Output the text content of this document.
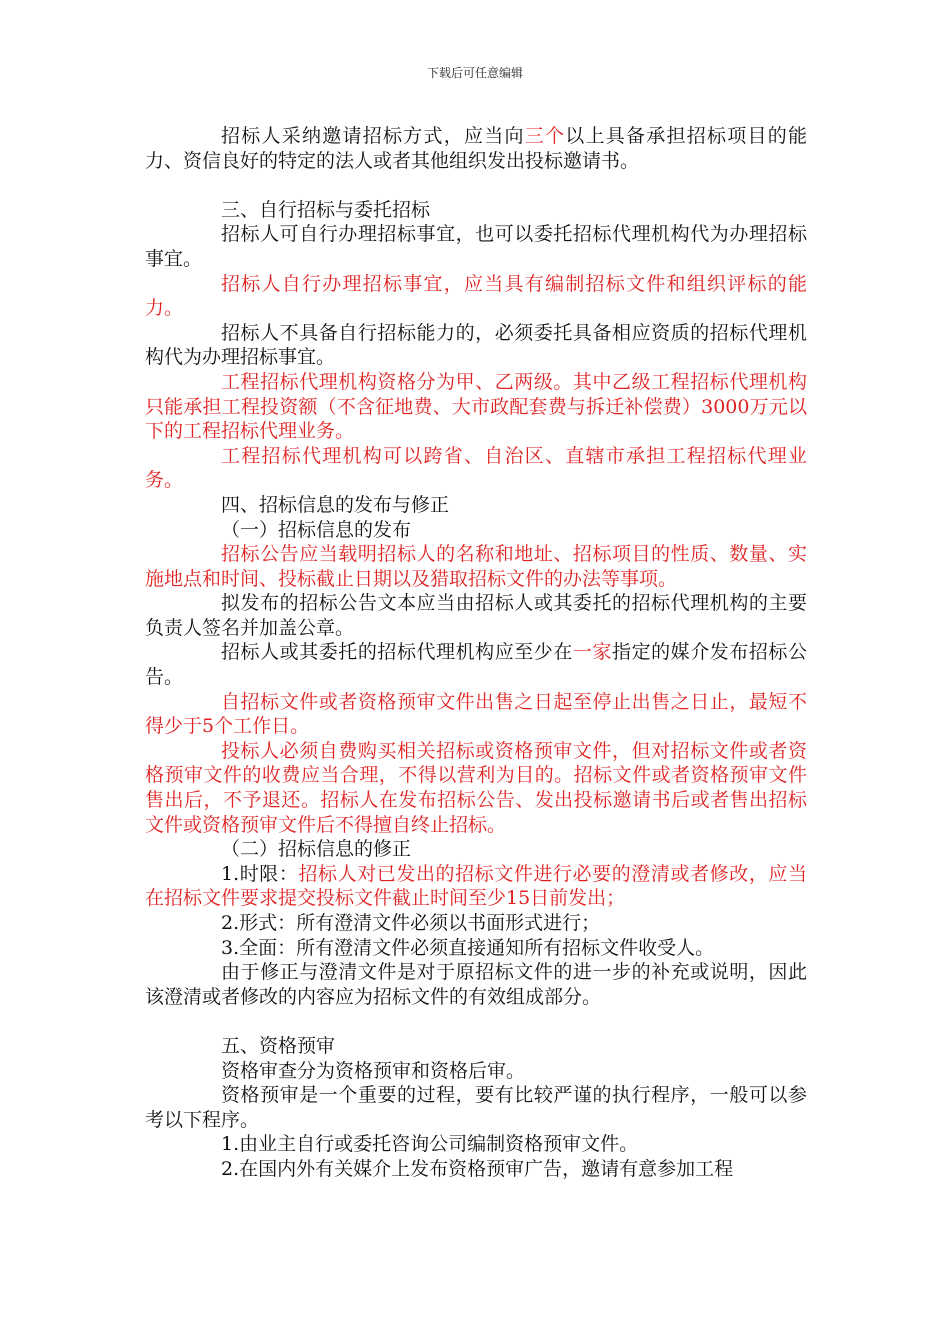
下载后可任意编辑

招标人采纳邀请招标方式，应当向三个以上具备承担招标项目的能力、资信良好的特定的法人或者其他组织发出投标邀请书。

三、自行招标与委托招标

招标人可自行办理招标事宜，也可以委托招标代理机构代为办理招标事宜。

招标人自行办理招标事宜，应当具有编制招标文件和组织评标的能力。

招标人不具备自行招标能力的，必须委托具备相应资质的招标代理机构代为办理招标事宜。

工程招标代理机构资格分为甲、乙两级。其中乙级工程招标代理机构只能承担工程投资额（不含征地费、大市政配套费与拆迁补偿费）3000万元以下的工程招标代理业务。

工程招标代理机构可以跨省、自治区、直辖市承担工程招标代理业务。

四、招标信息的发布与修正

（一）招标信息的发布

招标公告应当载明招标人的名称和地址、招标项目的性质、数量、实施地点和时间、投标截止日期以及猎取招标文件的办法等事项。

拟发布的招标公告文本应当由招标人或其委托的招标代理机构的主要负责人签名并加盖公章。

招标人或其委托的招标代理机构应至少在一家指定的媒介发布招标公告。

自招标文件或者资格预审文件出售之日起至停止出售之日止，最短不得少于5个工作日。

投标人必须自费购买相关招标或资格预审文件，但对招标文件或者资格预审文件的收费应当合理，不得以营利为目的。招标文件或者资格预审文件售出后，不予退还。招标人在发布招标公告、发出投标邀请书后或者售出招标文件或资格预审文件后不得擅自终止招标。

（二）招标信息的修正

1.时限：招标人对已发出的招标文件进行必要的澄清或者修改，应当在招标文件要求提交投标文件截止时间至少15日前发出；

2.形式：所有澄清文件必须以书面形式进行；

3.全面：所有澄清文件必须直接通知所有招标文件收受人。

由于修正与澄清文件是对于原招标文件的进一步的补充或说明，因此该澄清或者修改的内容应为招标文件的有效组成部分。

五、资格预审

资格审查分为资格预审和资格后审。

资格预审是一个重要的过程，要有比较严谨的执行程序，一般可以参考以下程序。

1.由业主自行或委托咨询公司编制资格预审文件。

2.在国内外有关媒介上发布资格预审广告，邀请有意参加工程
